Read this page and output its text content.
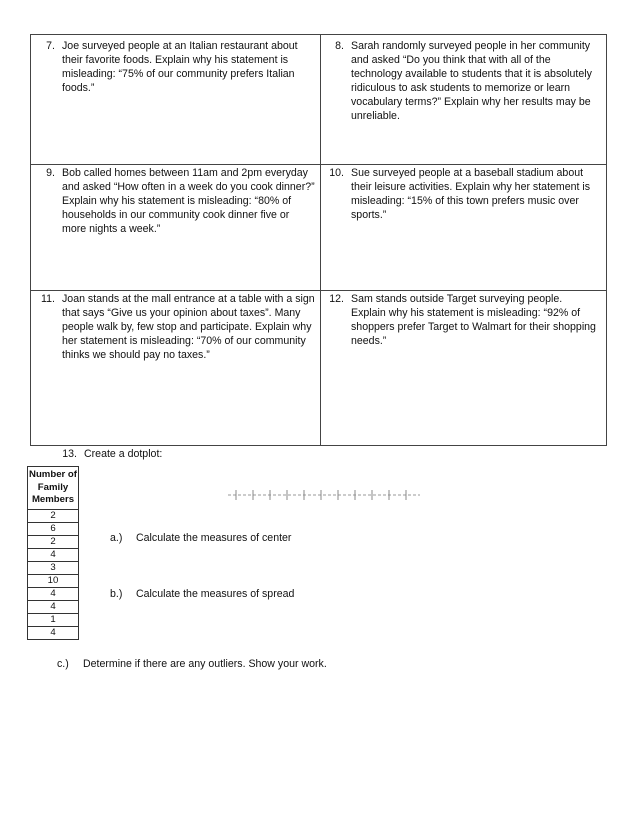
7. Joe surveyed people at an Italian restaurant about their favorite foods. Explain why his statement is misleading: “75% of our community prefers Italian foods.”
8. Sarah randomly surveyed people in her community and asked “Do you think that with all of the technology available to students that it is absolutely ridiculous to ask students to memorize or learn vocabulary terms?” Explain why her results may be unreliable.
9. Bob called homes between 11am and 2pm everyday and asked “How often in a week do you cook dinner?” Explain why his statement is misleading: “80% of households in our community cook dinner five or more nights a week.”
10. Sue surveyed people at a baseball stadium about their leisure activities. Explain why her statement is misleading: “15% of this town prefers music over sports.”
11. Joan stands at the mall entrance at a table with a sign that says “Give us your opinion about taxes”. Many people walk by, few stop and participate. Explain why her statement is misleading: “70% of our community thinks we should pay no taxes.”
12. Sam stands outside Target surveying people. Explain why his statement is misleading: “92% of shoppers prefer Target to Walmart for their shopping needs.”
13. Create a dotplot:
Number of Family Members
2
6
2
4
3
10
4
4
1
4
a.)	Calculate the measures of center
b.)	Calculate the measures of spread
c.)	Determine if there are any outliers. Show your work.
